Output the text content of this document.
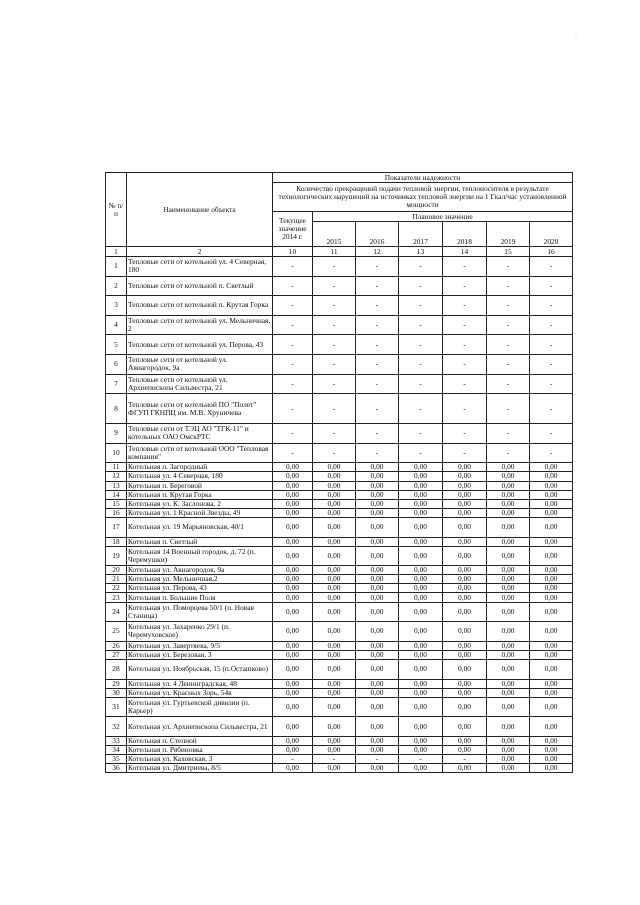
-
№ п/п	Наименование объекта	Показатели надежности						
		Количество прекращений подачи тепловой энергии, теплоносителя в результате технологических нарушений на источниках тепловой энергии на 1 Гкал/час установленной мощности						
		Текущее значение 2014 г.	Плановое значение					
			2015	2016	2017	2018	2019	2020
1	2	10	11	12	13	14	15	16
1	Тепловые сети от котельной ул. 4 Северная, 180	-	-	-	-	-	-	-
2	Тепловые сети от котельной п. Светлый	-	-	-	-	-	-	-
3	Тепловые сети от котельной п. Крутая Горка	-	-	-	-	-	-	-
4	Тепловые сети от котельной ул. Мельничная, 2	-	-	-	-	-	-	-
5	Тепловые сети от котельной ул. Перова, 43	-	-	-	-	-	-	-
6	Тепловые сети от котельной ул. Авиагородок, 9а	-	-	-	-	-	-	-
7	Тепловые сети от котельной ул. Архиепископа Сильвестра, 21	-	-	-	-	-	-	-
8	Тепловые сети от котельной ПО "Полет" ФГУП ГКНПЦ им. М.В. Хруничева	-	-	-	-	-	-	-
9	Тепловые сети от ТЭЦ АО "ТГК-11" и котельных ОАО ОмскРТС	-	-	-	-	-	-	-
10	Тепловые сети от котельной ООО "Тепловая компания"	-	-	-	-	-	-	-
11	Котельная п. Загородный	0,00	0,00	0,00	0,00	0,00	0,00	0,00
12	Котельная ул. 4 Северная, 180	0,00	0,00	0,00	0,00	0,00	0,00	0,00
13	Котельная п. Береговой	0,00	0,00	0,00	0,00	0,00	0,00	0,00
14	Котельная п. Крутая Горка	0,00	0,00	0,00	0,00	0,00	0,00	0,00
15	Котельная ул. К. Заслонова, 2	0,00	0,00	0,00	0,00	0,00	0,00	0,00
16	Котельная ул. 1 Красной Звезды, 49	0,00	0,00	0,00	0,00	0,00	0,00	0,00
17	Котельная ул. 19 Марьяновская, 40/1	0,00	0,00	0,00	0,00	0,00	0,00	0,00
18	Котельная п. Светлый	0,00	0,00	0,00	0,00	0,00	0,00	0,00
19	Котельная 14 Военный городок, д. 72 (п. Черемушки)	0,00	0,00	0,00	0,00	0,00	0,00	0,00
20	Котельная ул. Авиагородок, 9а	0,00	0,00	0,00	0,00	0,00	0,00	0,00
21	Котельная ул. Мельничная,2	0,00	0,00	0,00	0,00	0,00	0,00	0,00
22	Котельная ул. Перова, 43	0,00	0,00	0,00	0,00	0,00	0,00	0,00
23	Котельная п. Большие Поля	0,00	0,00	0,00	0,00	0,00	0,00	0,00
24	Котельная ул. Поморцева 50/1 (п. Новая Станица)	0,00	0,00	0,00	0,00	0,00	0,00	0,00
25	Котельная ул. Захаренко 29/1 (п. Черемуховское)	0,00	0,00	0,00	0,00	0,00	0,00	0,00
26	Котельная ул. Завертяева, 9/5	0,00	0,00	0,00	0,00	0,00	0,00	0,00
27	Котельная ул. Березовая, 3	0,00	0,00	0,00	0,00	0,00	0,00	0,00
28	Котельная ул. Ноябрьская, 15 (п.Осташково)	0,00	0,00	0,00	0,00	0,00	0,00	0,00
29	Котельная ул. 4 Ленинградская, 48	0,00	0,00	0,00	0,00	0,00	0,00	0,00
30	Котельная ул. Красных Зорь, 54в	0,00	0,00	0,00	0,00	0,00	0,00	0,00
31	Котельная ул. Гуртьевской дивизии (п. Карьер)	0,00	0,00	0,00	0,00	0,00	0,00	0,00
32	Котельная ул. Архиепископа Сильвестра, 21	0,00	0,00	0,00	0,00	0,00	0,00	0,00
33	Котельная п. Степной	0,00	0,00	0,00	0,00	0,00	0,00	0,00
34	Котельная п. Рябиновка	0,00	0,00	0,00	0,00	0,00	0,00	0,00
35	Котельная ул. Каховская, 3	-	-	-	-	-	0,00	0,00
36	Котельная ул. Дмитриева, 8/5	0,00	0,00	0,00	0,00	0,00	0,00	0,00
